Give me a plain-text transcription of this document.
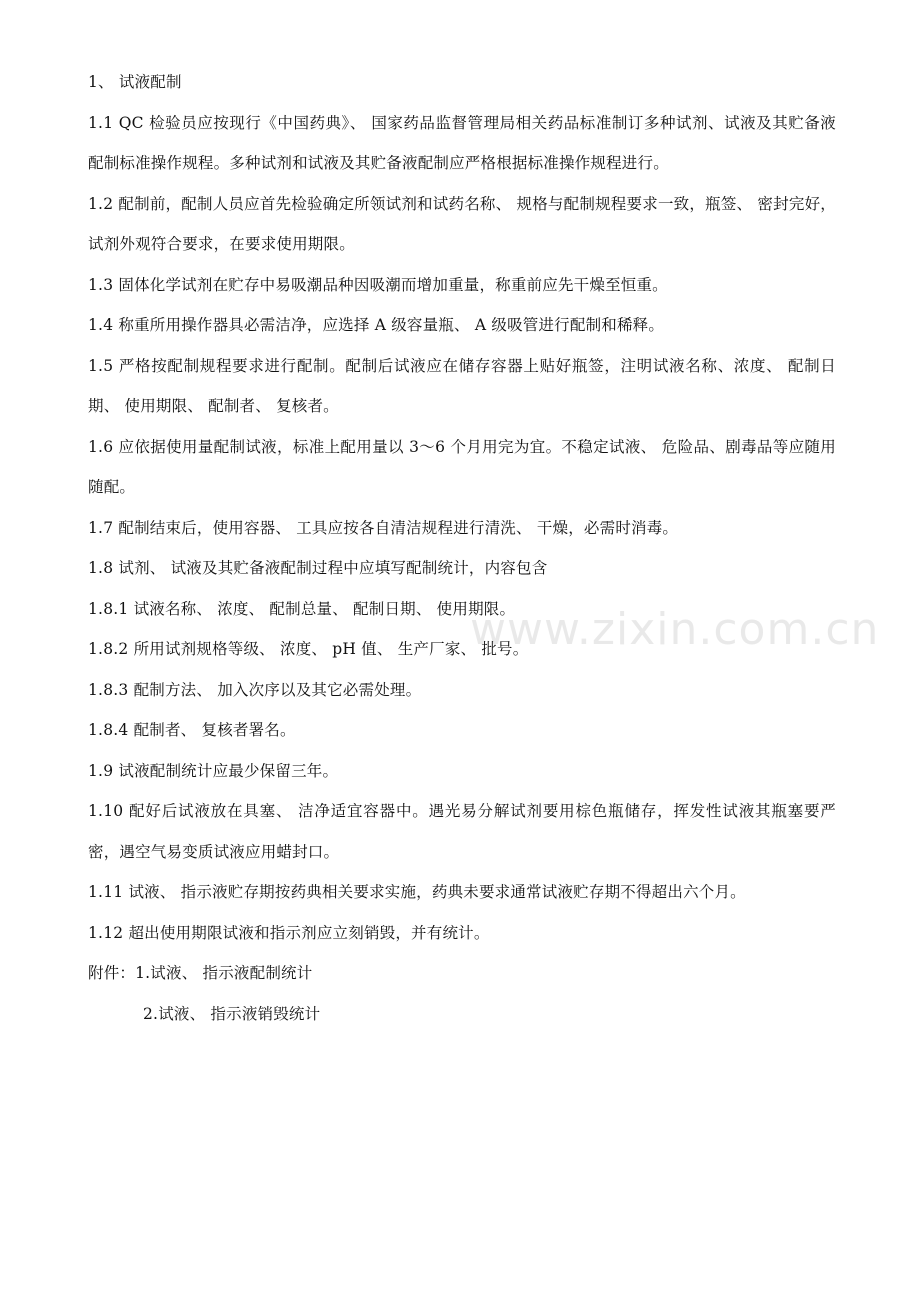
1、 试液配制

1.1 QC 检验员应按现行《中国药典》、 国家药品监督管理局相关药品标准制订多种试剂、试液及其贮备液配制标准操作规程。多种试剂和试液及其贮备液配制应严格根据标准操作规程进行。

1.2 配制前，配制人员应首先检验确定所领试剂和试药名称、 规格与配制规程要求一致，瓶签、 密封完好，试剂外观符合要求，在要求使用期限。

1.3 固体化学试剂在贮存中易吸潮品种因吸潮而增加重量，称重前应先干燥至恒重。

1.4 称重所用操作器具必需洁净，应选择 A 级容量瓶、 A 级吸管进行配制和稀释。

1.5 严格按配制规程要求进行配制。配制后试液应在储存容器上贴好瓶签，注明试液名称、浓度、 配制日期、 使用期限、 配制者、 复核者。

1.6 应依据使用量配制试液，标准上配用量以 3～6 个月用完为宜。不稳定试液、 危险品、剧毒品等应随用随配。

1.7 配制结束后，使用容器、 工具应按各自清洁规程进行清洗、 干燥，必需时消毒。

1.8 试剂、 试液及其贮备液配制过程中应填写配制统计，内容包含

1.8.1 试液名称、 浓度、 配制总量、 配制日期、 使用期限。

1.8.2 所用试剂规格等级、 浓度、 pH 值、 生产厂家、 批号。

1.8.3 配制方法、 加入次序以及其它必需处理。

1.8.4 配制者、 复核者署名。

1.9 试液配制统计应最少保留三年。

1.10 配好后试液放在具塞、 洁净适宜容器中。遇光易分解试剂要用棕色瓶储存，挥发性试液其瓶塞要严密，遇空气易变质试液应用蜡封口。

1.11 试液、 指示液贮存期按药典相关要求实施，药典未要求通常试液贮存期不得超出六个月。

1.12 超出使用期限试液和指示剂应立刻销毁，并有统计。

附件：1.试液、 指示液配制统计

2.试液、 指示液销毁统计

www.zixin.com.cn
